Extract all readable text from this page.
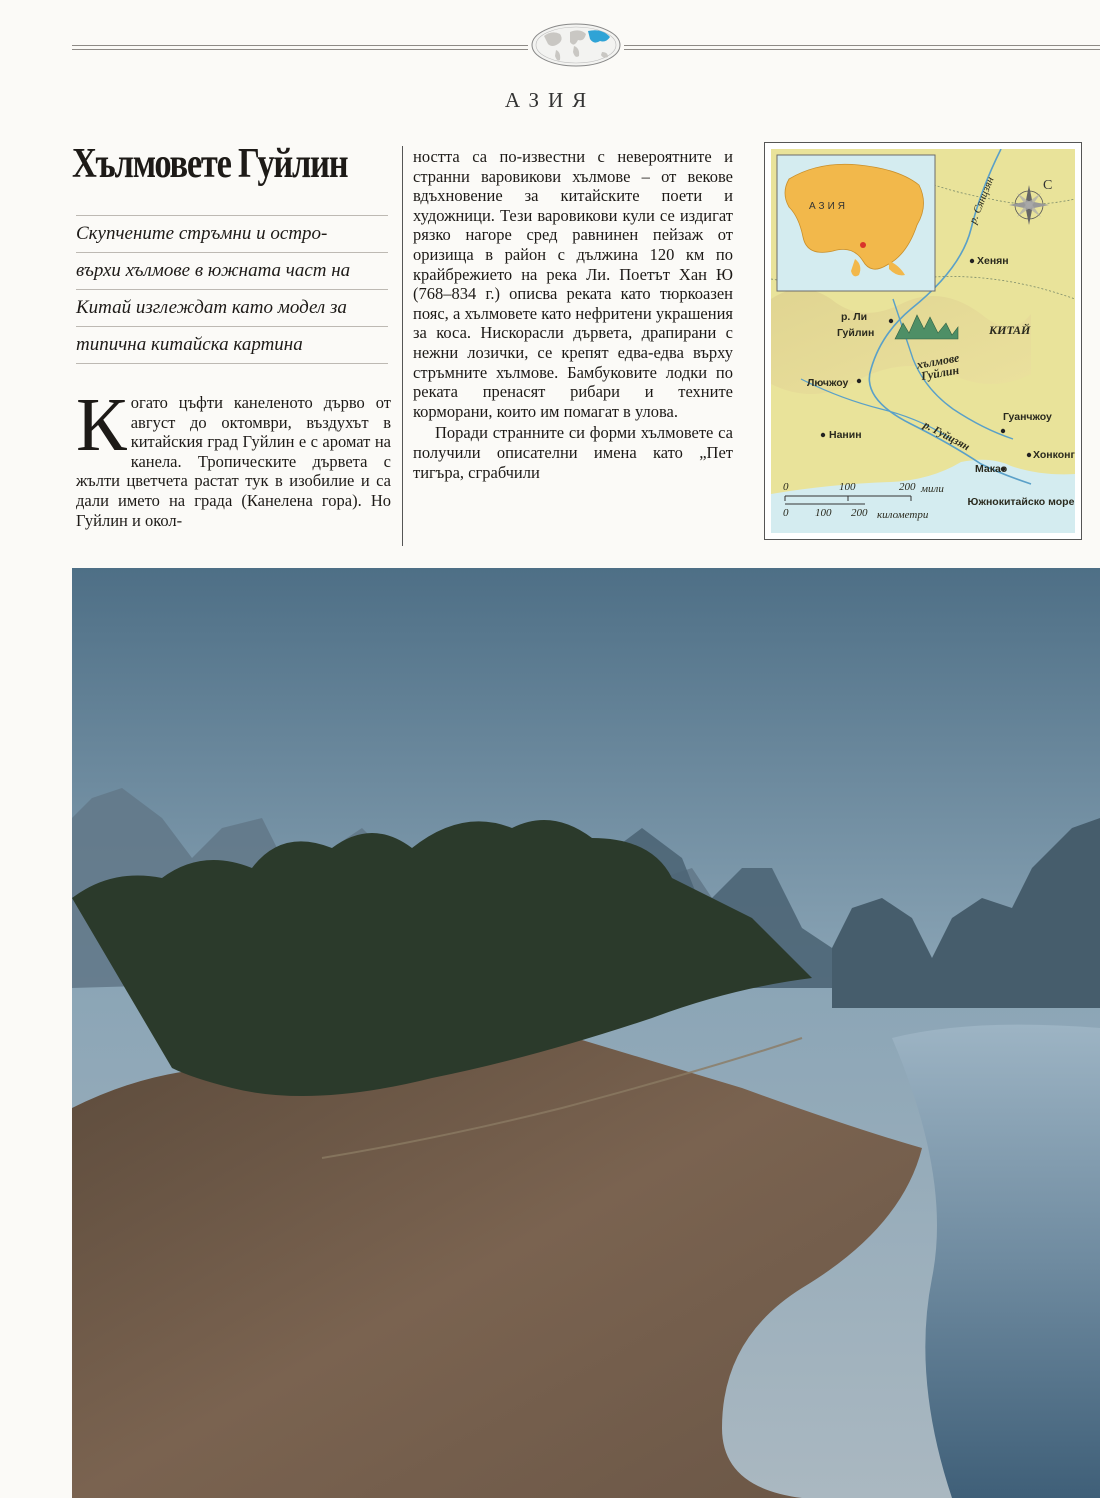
АЗИЯ
Хълмовете Гуйлин
Скупчените стръмни и остро-
върхи хълмове в южната част на
Китай изглеждат като модел за
типична китайска картина

Когато цъфти канеленото дърво от август до октомври, въздухът в китайския град Гуйлин е с аромат на канела. Тропическите дървета с жълти цветчета растат тук в изобилие и са дали името на града (Канелена гора). Но Гуйлин и окол-

ността са по-известни с невероятните и странни варовикови хълмове – от векове вдъхновение за китайските поети и художници. Тези варовикови кули се издигат рязко нагоре сред равнинен пейзаж от оризища в район с дължина 120 км по крайбрежието на река Ли. Поетът Хан Ю (768–834 г.) описва реката като тюркоазен пояс, а хълмовете като нефритени украшения за коса. Нискорасли дървета, драпирани с нежни лозички, се крепят едва-едва върху стръмните хълмове. Бамбуковите лодки по реката пренасят рибари и техните корморани, които им помагат в улова.

Поради странните си форми хълмовете са получили описателни имена като „Пет тигъра, сграбчили

АЗИЯ
С
р. Сянцзян
Хенян
р. Ли
Гуйлин	КИТАЙ
хълмове Гуйлин
Лючжоу
р. Гуйцзян
Нанин
Гуанчжоу
Хонконг
Макао
Южнокитайско море
0	100	200 мили
0 100 200 километри
